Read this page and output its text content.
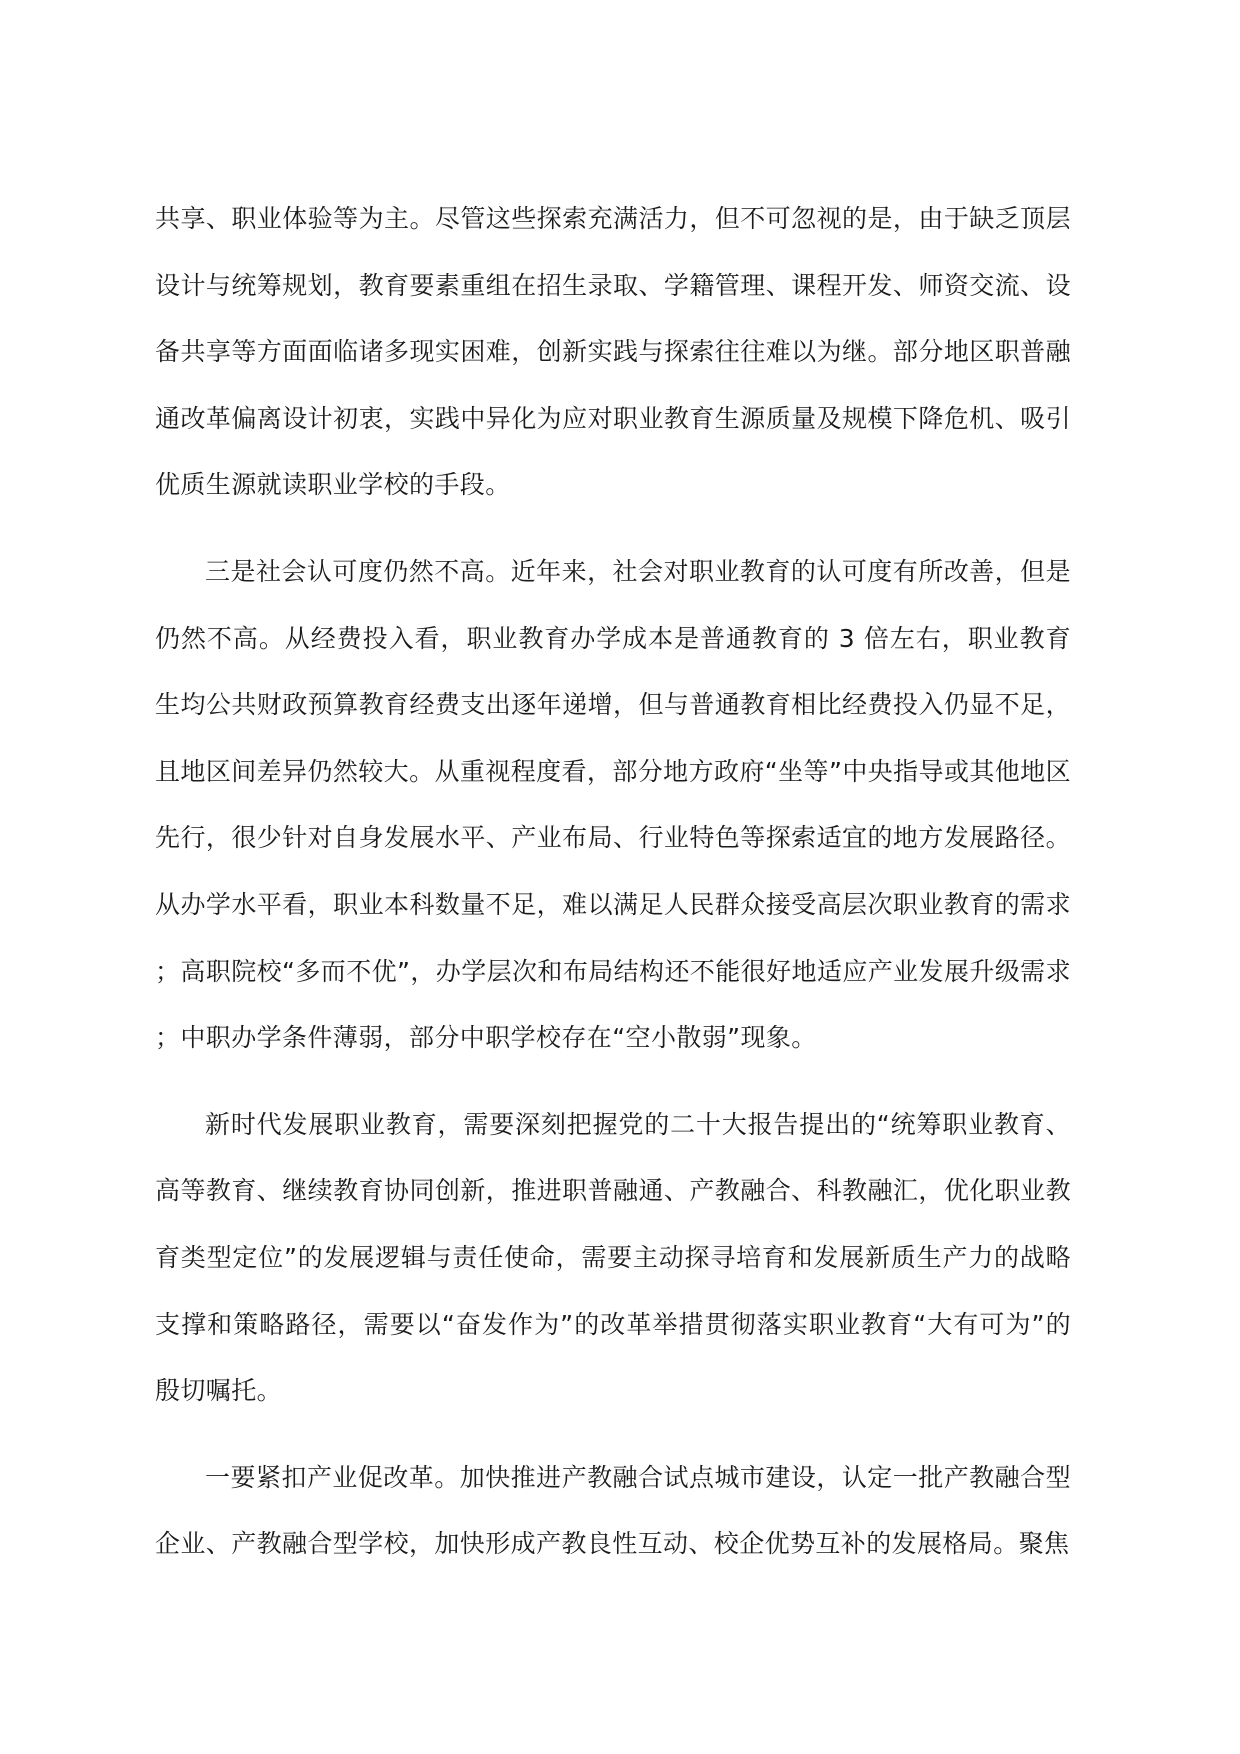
共享、职业体验等为主。尽管这些探索充满活力，但不可忽视的是，由于缺乏顶层设计与统筹规划，教育要素重组在招生录取、学籍管理、课程开发、师资交流、设备共享等方面面临诸多现实困难，创新实践与探索往往难以为继。部分地区职普融通改革偏离设计初衷，实践中异化为应对职业教育生源质量及规模下降危机、吸引优质生源就读职业学校的手段。

三是社会认可度仍然不高。近年来，社会对职业教育的认可度有所改善，但是仍然不高。从经费投入看，职业教育办学成本是普通教育的 3 倍左右，职业教育生均公共财政预算教育经费支出逐年递增，但与普通教育相比经费投入仍显不足，且地区间差异仍然较大。从重视程度看，部分地方政府“坐等”中央指导或其他地区先行，很少针对自身发展水平、产业布局、行业特色等探索适宜的地方发展路径。从办学水平看，职业本科数量不足，难以满足人民群众接受高层次职业教育的需求；高职院校“多而不优”，办学层次和布局结构还不能很好地适应产业发展升级需求；中职办学条件薄弱，部分中职学校存在“空小散弱”现象。

新时代发展职业教育，需要深刻把握党的二十大报告提出的“统筹职业教育、高等教育、继续教育协同创新，推进职普融通、产教融合、科教融汇，优化职业教育类型定位”的发展逻辑与责任使命，需要主动探寻培育和发展新质生产力的战略支撑和策略路径，需要以“奋发作为”的改革举措贯彻落实职业教育“大有可为”的殷切嘱托。

一要紧扣产业促改革。加快推进产教融合试点城市建设，认定一批产教融合型企业、产教融合型学校，加快形成产教良性互动、校企优势互补的发展格局。聚焦
